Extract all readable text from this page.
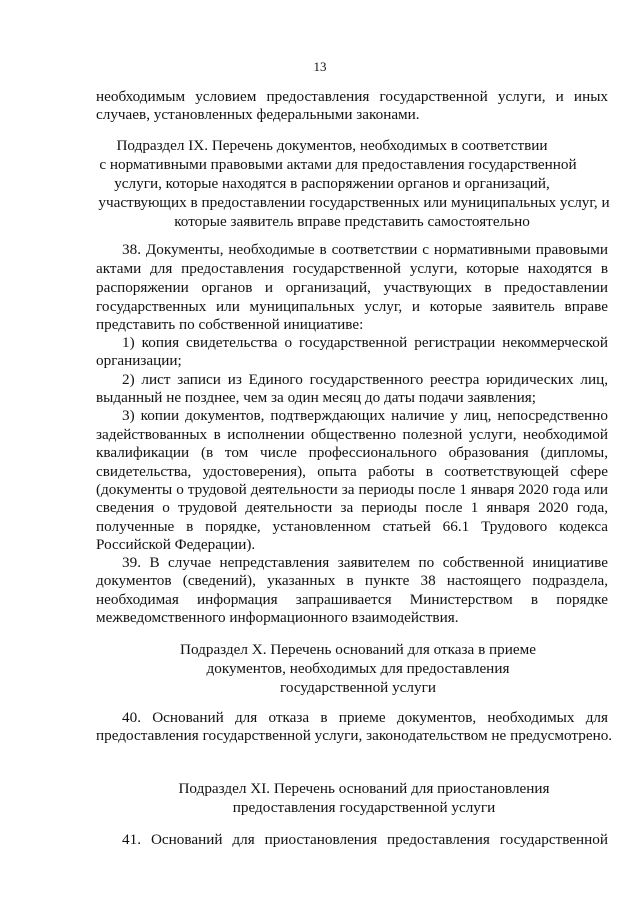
13
необходимым условием предоставления государственной услуги, и иных
случаев, установленных федеральными законами.
Подраздел IX. Перечень документов, необходимых в соответствии
с нормативными правовыми актами для предоставления государственной
услуги, которые находятся в распоряжении органов и организаций,
участвующих в предоставлении государственных или муниципальных услуг, и
которые заявитель вправе представить самостоятельно
38. Документы, необходимые в соответствии с нормативными правовыми
актами для предоставления государственной услуги, которые находятся в
распоряжении органов и организаций, участвующих в предоставлении
государственных или муниципальных услуг, и которые заявитель вправе
представить по собственной инициативе:
1) копия свидетельства о государственной регистрации некоммерческой
организации;
2) лист записи из Единого государственного реестра юридических лиц,
выданный не позднее, чем за один месяц до даты подачи заявления;
3) копии документов, подтверждающих наличие у лиц, непосредственно
задействованных в исполнении общественно полезной услуги, необходимой
квалификации (в том числе профессионального образования (дипломы,
свидетельства, удостоверения), опыта работы в соответствующей сфере
(документы о трудовой деятельности за периоды после 1 января 2020 года или
сведения о трудовой деятельности за периоды после 1 января 2020 года,
полученные в порядке, установленном статьей 66.1 Трудового кодекса
Российской Федерации).
39. В случае непредставления заявителем по собственной инициативе
документов (сведений), указанных в пункте 38 настоящего подраздела,
необходимая информация запрашивается Министерством в порядке
межведомственного информационного взаимодействия.
Подраздел X. Перечень оснований для отказа в приеме
документов, необходимых для предоставления
государственной услуги
40. Оснований для отказа в приеме документов, необходимых для
предоставления государственной услуги, законодательством не предусмотрено.
Подраздел XI. Перечень оснований для приостановления
предоставления государственной услуги
41. Оснований для приостановления предоставления государственной
